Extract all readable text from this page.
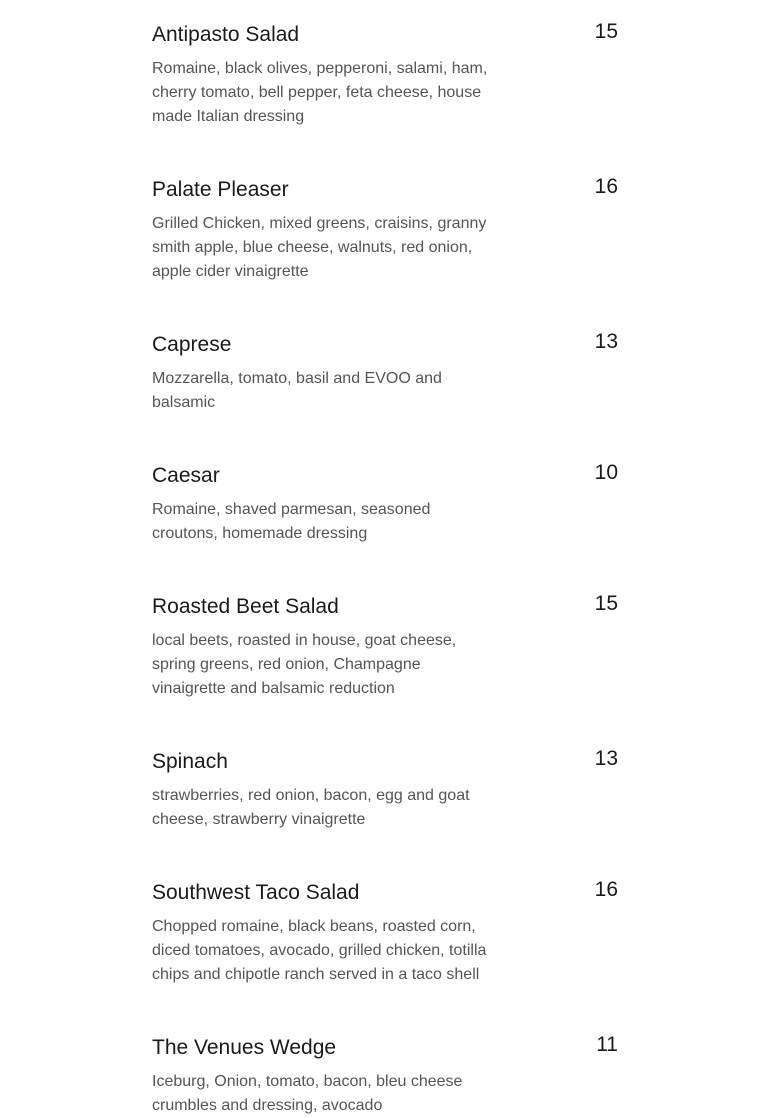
Antipasto Salad	15
Romaine, black olives, pepperoni, salami, ham, cherry tomato, bell pepper, feta cheese, house made Italian dressing
Palate Pleaser	16
Grilled Chicken, mixed greens, craisins, granny smith apple, blue cheese, walnuts, red onion, apple cider vinaigrette
Caprese	13
Mozzarella, tomato, basil and EVOO and balsamic
Caesar	10
Romaine, shaved parmesan, seasoned croutons, homemade dressing
Roasted Beet Salad	15
local beets, roasted in house, goat cheese, spring greens, red onion, Champagne vinaigrette and balsamic reduction
Spinach	13
strawberries, red onion, bacon, egg and goat cheese, strawberry vinaigrette
Southwest Taco Salad	16
Chopped romaine, black beans, roasted corn, diced tomatoes, avocado, grilled chicken, totilla chips and chipotle ranch served in a taco shell
The Venues Wedge	11
Iceburg, Onion, tomato, bacon, bleu cheese crumbles and dressing, avocado
